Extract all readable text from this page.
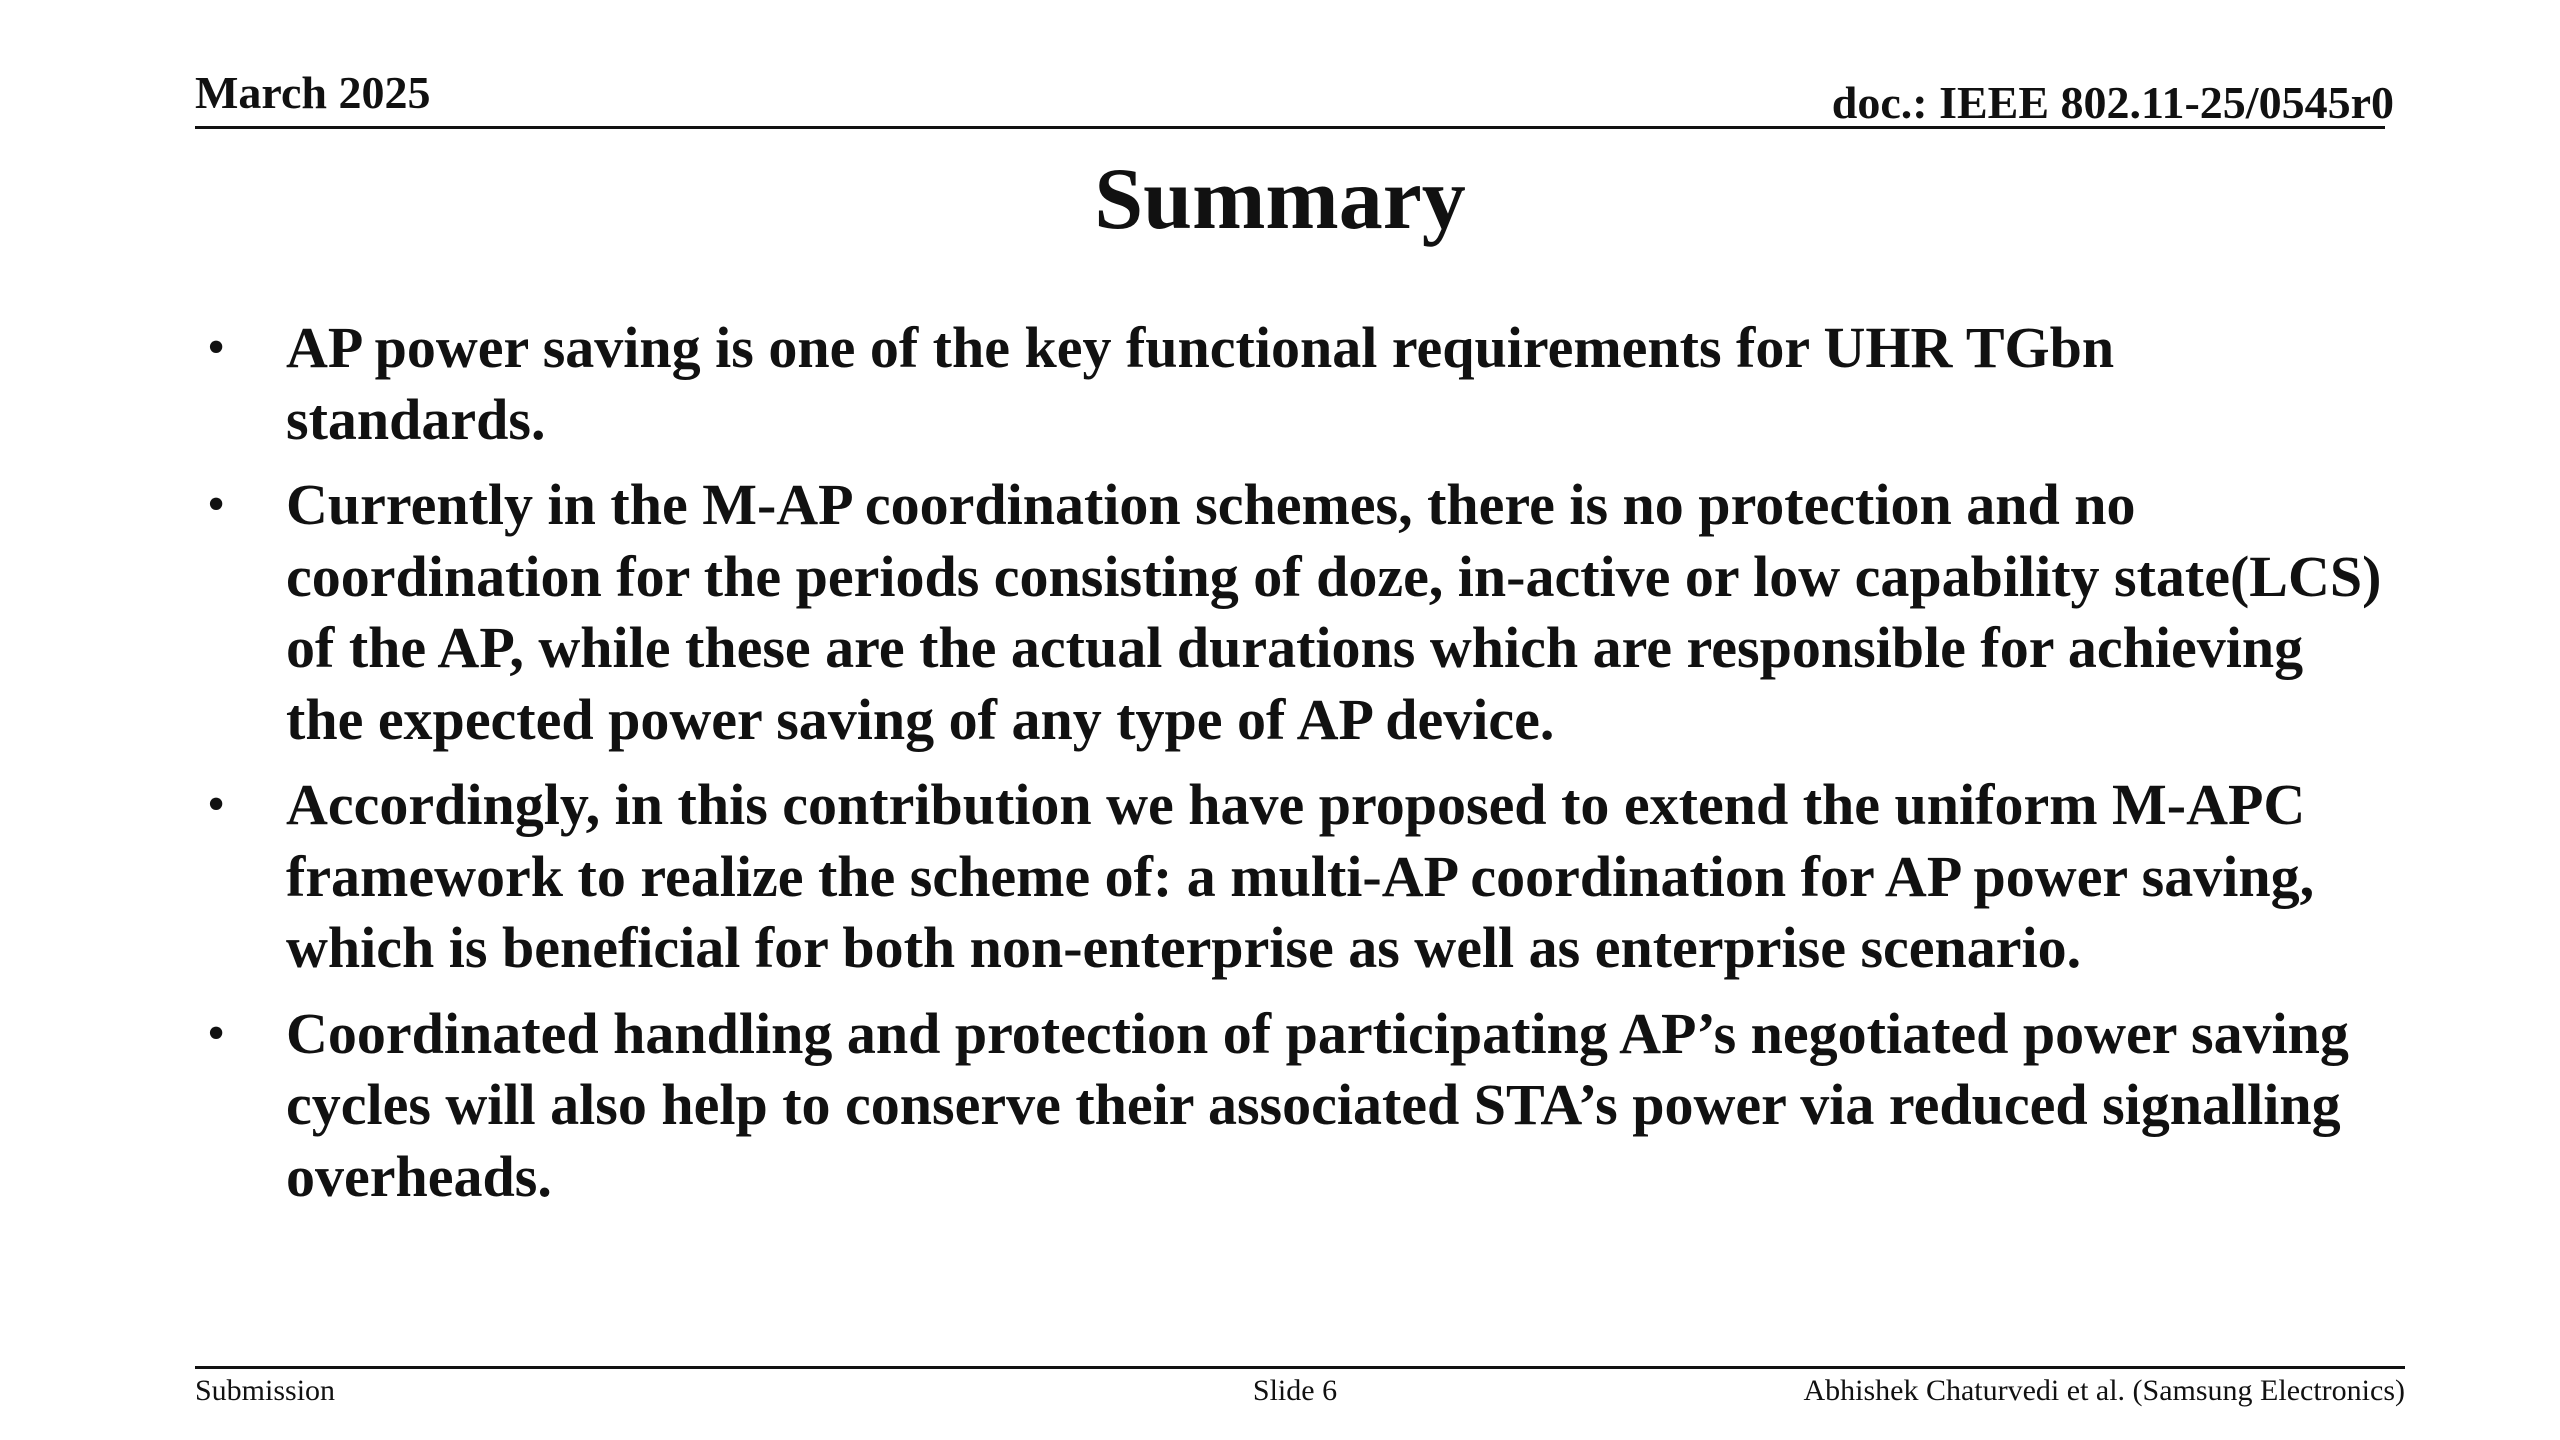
March 2025	doc.: IEEE 802.11-25/0545r0
Summary
• AP power saving is one of the key functional requirements for UHR TGbn standards.
• Currently in the M-AP coordination schemes, there is no protection and no coordination for the periods consisting of doze, in-active or low capability state(LCS) of the AP, while these are the actual durations which are responsible for achieving the expected power saving of any type of AP device.
• Accordingly, in this contribution we have proposed to extend the uniform M-APC framework to realize the scheme of: a multi-AP coordination for AP power saving, which is beneficial for both non-enterprise as well as enterprise scenario.
• Coordinated handling and protection of participating AP’s negotiated power saving cycles will also help to conserve their associated STA’s power via reduced signalling overheads.
Submission	Slide 6	Abhishek Chaturvedi et al. (Samsung Electronics)
